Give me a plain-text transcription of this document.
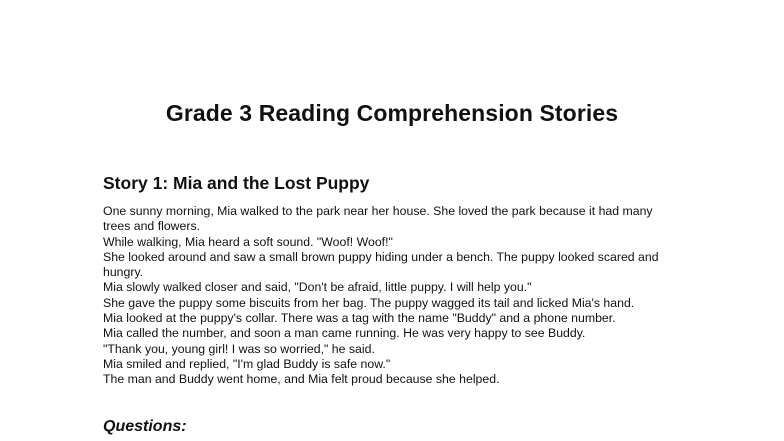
Grade 3 Reading Comprehension Stories
Story 1: Mia and the Lost Puppy
One sunny morning, Mia walked to the park near her house. She loved the park because it had many trees and flowers.
While walking, Mia heard a soft sound. "Woof! Woof!"
She looked around and saw a small brown puppy hiding under a bench. The puppy looked scared and hungry.
Mia slowly walked closer and said, "Don't be afraid, little puppy. I will help you."
She gave the puppy some biscuits from her bag. The puppy wagged its tail and licked Mia's hand.
Mia looked at the puppy's collar. There was a tag with the name "Buddy" and a phone number.
Mia called the number, and soon a man came running. He was very happy to see Buddy.
"Thank you, young girl! I was so worried," he said.
Mia smiled and replied, "I'm glad Buddy is safe now."
The man and Buddy went home, and Mia felt proud because she helped.
Questions:
